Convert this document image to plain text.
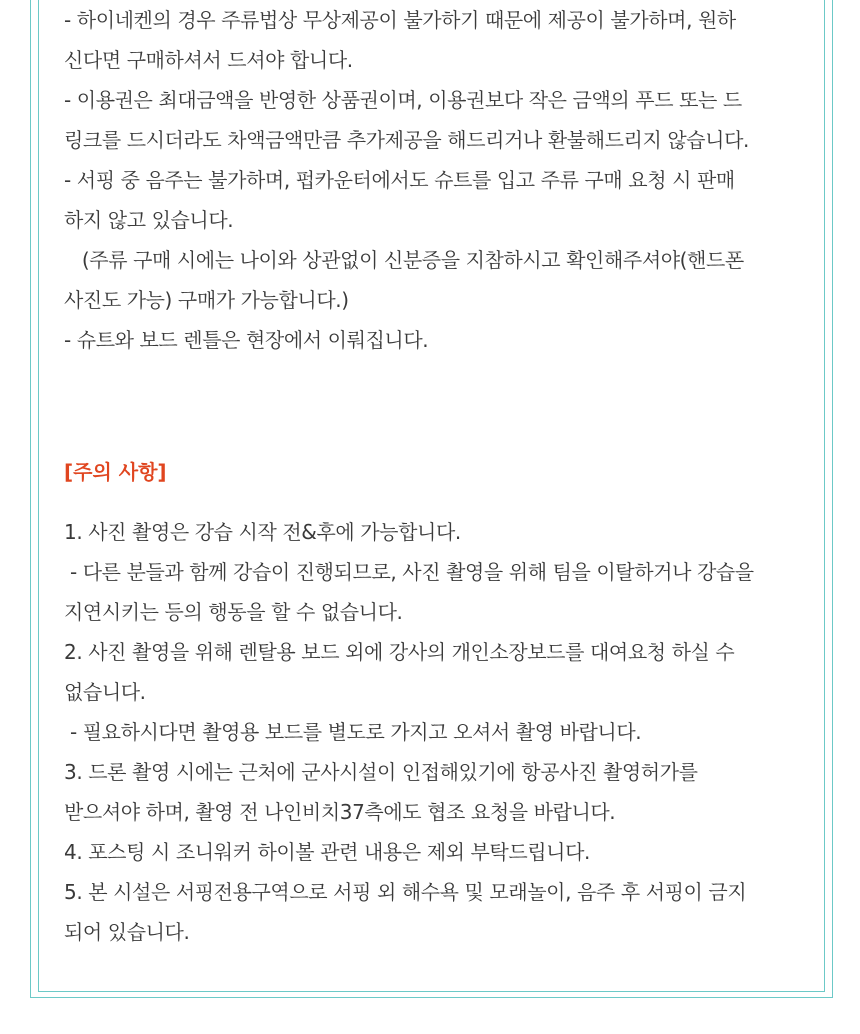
- 하이네켄의 경우 주류법상 무상제공이 불가하기 때문에 제공이 불가하며, 원하
신다면 구매하셔서 드셔야 합니다.
- 이용권은 최대금액을 반영한 상품권이며, 이용권보다 작은 금액의 푸드 또는 드
링크를 드시더라도 차액금액만큼 추가제공을 해드리거나 환불해드리지 않습니다.
- 서핑 중 음주는 불가하며, 펍카운터에서도 슈트를 입고 주류 구매 요청 시 판매
하지 않고 있습니다.
(주류 구매 시에는 나이와 상관없이 신분증을 지참하시고 확인해주셔야(핸드폰
사진도 가능) 구매가 가능합니다.)
- 슈트와 보드 렌틀은 현장에서 이뤄집니다.
[주의 사항]
1. 사진 촬영은 강습 시작 전&후에 가능합니다.
- 다른 분들과 함께 강습이 진행되므로, 사진 촬영을 위해 팀을 이탈하거나 강습을
지연시키는 등의 행동을 할 수 없습니다.
2. 사진 촬영을 위해 렌탈용 보드 외에 강사의 개인소장보드를 대여요청 하실 수
없습니다.
- 필요하시다면 촬영용 보드를 별도로 가지고 오셔서 촬영 바랍니다.
3. 드론 촬영 시에는 근처에 군사시설이 인접해있기에 항공사진 촬영허가를
받으셔야 하며, 촬영 전 나인비치37측에도 협조 요청을 바랍니다.
4. 포스팅 시 조니워커 하이볼 관련 내용은 제외 부탁드립니다.
5. 본 시설은 서핑전용구역으로 서핑 외 해수욕 및 모래놀이, 음주 후 서핑이 금지
되어 있습니다.
